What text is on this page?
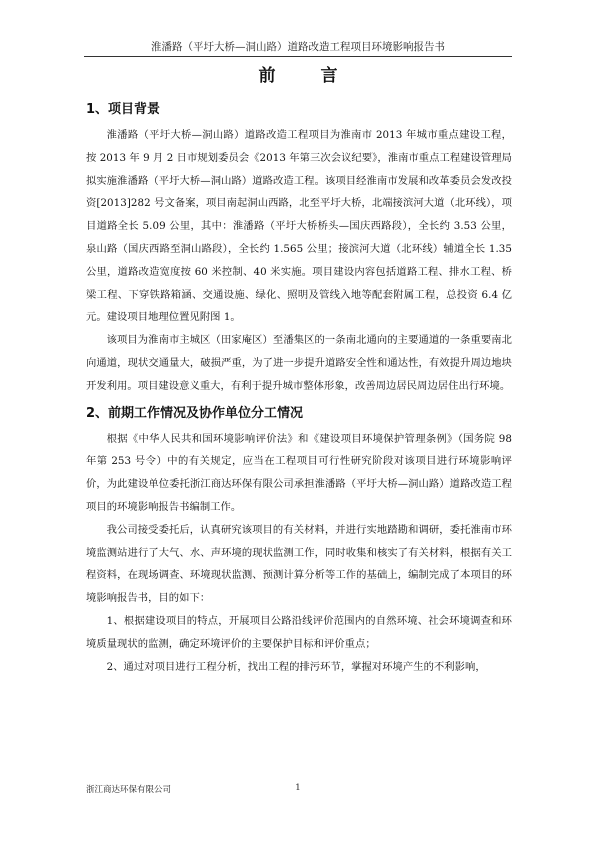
淮潘路（平圩大桥—洞山路）道路改造工程项目环境影响报告书
前　言
1、项目背景

淮潘路（平圩大桥—洞山路）道路改造工程项目为淮南市 2013 年城市重点建设工程，按 2013 年 9 月 2 日市规划委员会《2013 年第三次会议纪要》，淮南市重点工程建设管理局拟实施淮潘路（平圩大桥—洞山路）道路改造工程。该项目经淮南市发展和改革委员会发改投资[2013]282 号文备案，项目南起洞山西路，北至平圩大桥，北端接滨河大道（北环线），项目道路全长 5.09 公里，其中：淮潘路（平圩大桥桥头—国庆西路段），全长约 3.53 公里，泉山路（国庆西路至洞山路段），全长约 1.565 公里；接滨河大道（北环线）辅道全长 1.35 公里，道路改造宽度按 60 米控制、40 米实施。项目建设内容包括道路工程、排水工程、桥梁工程、下穿铁路箱涵、交通设施、绿化、照明及管线入地等配套附属工程，总投资 6.4 亿元。建设项目地理位置见附图 1。

该项目为淮南市主城区（田家庵区）至潘集区的一条南北通向的主要通道的一条重要南北向通道，现状交通量大，破损严重，为了进一步提升道路安全性和通达性，有效提升周边地块开发利用。项目建设意义重大，有利于提升城市整体形象，改善周边居民周边居住出行环境。

2、前期工作情况及协作单位分工情况

根据《中华人民共和国环境影响评价法》和《建设项目环境保护管理条例》（国务院 98 年第 253 号令）中的有关规定，应当在工程项目可行性研究阶段对该项目进行环境影响评价，为此建设单位委托浙江商达环保有限公司承担淮潘路（平圩大桥—洞山路）道路改造工程项目的环境影响报告书编制工作。

我公司接受委托后，认真研究该项目的有关材料，并进行实地踏勘和调研，委托淮南市环境监测站进行了大气、水、声环境的现状监测工作，同时收集和核实了有关材料，根据有关工程资料，在现场调查、环境现状监测、预测计算分析等工作的基础上，编制完成了本项目的环境影响报告书，目的如下：

1、根据建设项目的特点，开展项目公路沿线评价范围内的自然环境、社会环境调查和环境质量现状的监测，确定环境评价的主要保护目标和评价重点；

2、通过对项目进行工程分析，找出工程的排污环节，掌握对环境产生的不利影响，

浙江商达环保有限公司	1
